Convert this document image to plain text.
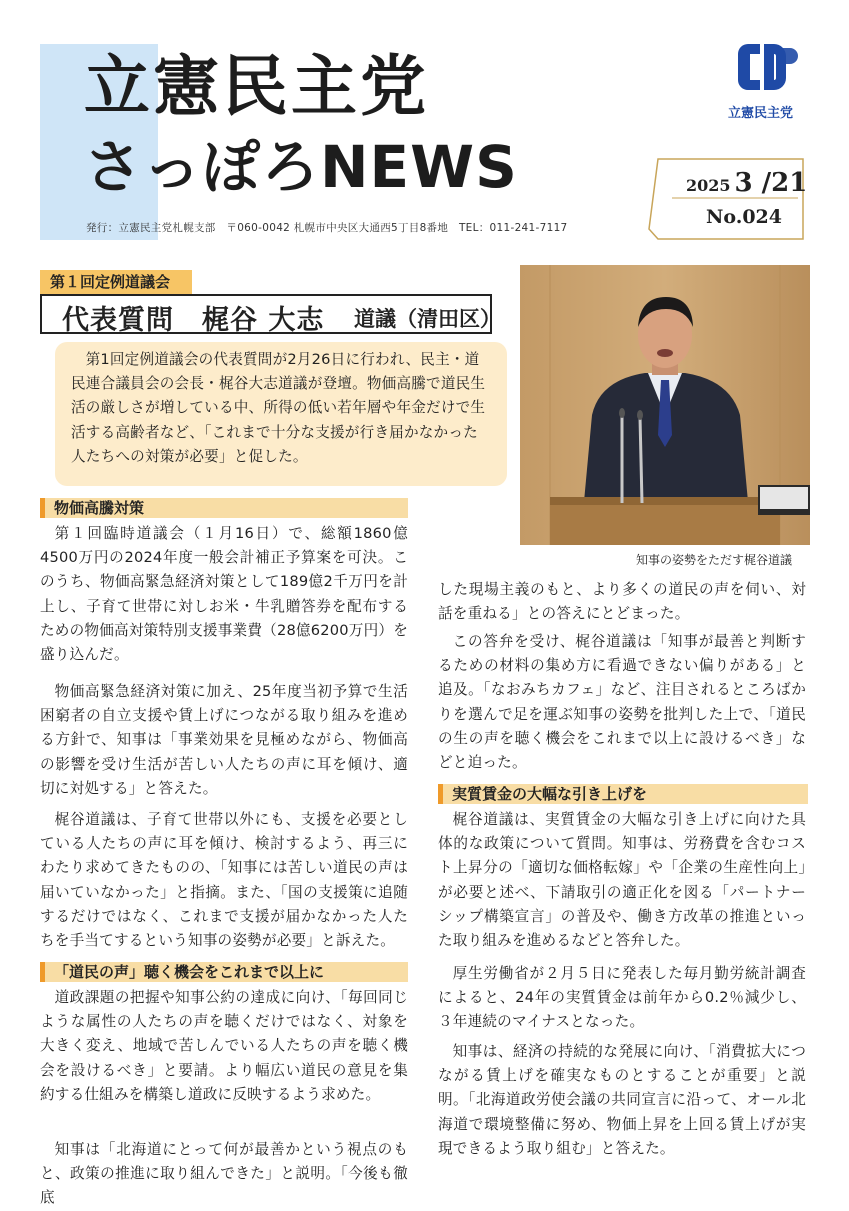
立憲民主党
さっぽろNEWS
発行：立憲民主党札幌支部　〒060-0042 札幌市中央区大通西5丁目8番地　TEL：011-241-7117
立憲民主党
2025 3 /21
No.024
第１回定例道議会
代表質問　梶谷 大志 道議（清田区）
第1回定例道議会の代表質問が2月26日に行われ、民主・道民連合議員会の会長・梶谷大志道議が登壇。物価高騰で道民生活の厳しさが増している中、所得の低い若年層や年金だけで生活する高齢者など、「これまで十分な支援が行き届かなかった人たちへの対策が必要」と促した。
知事の姿勢をただす梶谷道議
物価高騰対策
第１回臨時道議会（１月16日）で、総額1860億4500万円の2024年度一般会計補正予算案を可決。このうち、物価高緊急経済対策として189億2千万円を計上し、子育て世帯に対しお米・牛乳贈答券を配布するための物価高対策特別支援事業費（28億6200万円）を盛り込んだ。
物価高緊急経済対策に加え、25年度当初予算で生活困窮者の自立支援や賃上げにつながる取り組みを進める方針で、知事は「事業効果を見極めながら、物価高の影響を受け生活が苦しい人たちの声に耳を傾け、適切に対処する」と答えた。
梶谷道議は、子育て世帯以外にも、支援を必要としている人たちの声に耳を傾け、検討するよう、再三にわたり求めてきたものの、「知事には苦しい道民の声は届いていなかった」と指摘。また、「国の支援策に追随するだけではなく、これまで支援が届かなかった人たちを手当てするという知事の姿勢が必要」と訴えた。
「道民の声」聴く機会をこれまで以上に
道政課題の把握や知事公約の達成に向け、「毎回同じような属性の人たちの声を聴くだけではなく、対象を大きく変え、地域で苦しんでいる人たちの声を聴く機会を設けるべき」と要請。より幅広い道民の意見を集約する仕組みを構築し道政に反映するよう求めた。
知事は「北海道にとって何が最善かという視点のもと、政策の推進に取り組んできた」と説明。「今後も徹底
した現場主義のもと、より多くの道民の声を伺い、対話を重ねる」との答えにとどまった。
この答弁を受け、梶谷道議は「知事が最善と判断するための材料の集め方に看過できない偏りがある」と追及。「なおみちカフェ」など、注目されるところばかりを選んで足を運ぶ知事の姿勢を批判した上で、「道民の生の声を聴く機会をこれまで以上に設けるべき」などと迫った。
実質賃金の大幅な引き上げを
梶谷道議は、実質賃金の大幅な引き上げに向けた具体的な政策について質問。知事は、労務費を含むコスト上昇分の「適切な価格転嫁」や「企業の生産性向上」が必要と述べ、下請取引の適正化を図る「パートナーシップ構築宣言」の普及や、働き方改革の推進といった取り組みを進めるなどと答弁した。
厚生労働省が２月５日に発表した毎月勤労統計調査によると、24年の実質賃金は前年から0.2％減少し、３年連続のマイナスとなった。
知事は、経済の持続的な発展に向け、「消費拡大につながる賃上げを確実なものとすることが重要」と説明。「北海道政労使会議の共同宣言に沿って、オール北海道で環境整備に努め、物価上昇を上回る賃上げが実現できるよう取り組む」と答えた。
